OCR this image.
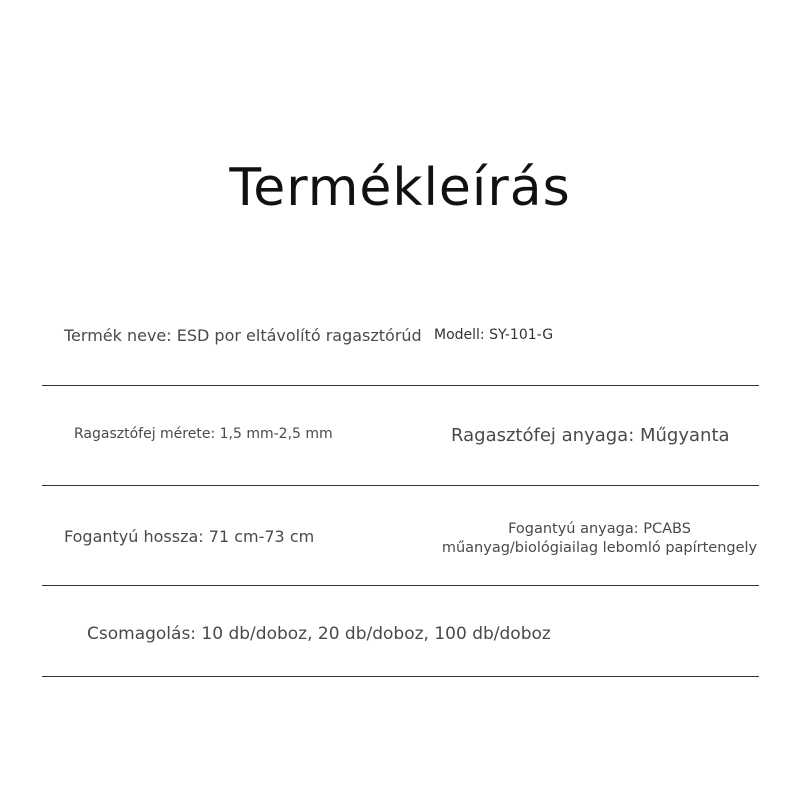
Termékleírás
Termék neve: ESD por eltávolító ragasztórúd Modell: SY-101-G
Ragasztófej mérete: 1,5 mm-2,5 mm	Ragasztófej anyaga: Műgyanta
Fogantyú hossza: 71 cm-73 cm	Fogantyú anyaga: PCABS
műanyag/biológiailag lebomló papírtengely
Csomagolás: 10 db/doboz, 20 db/doboz, 100 db/doboz
